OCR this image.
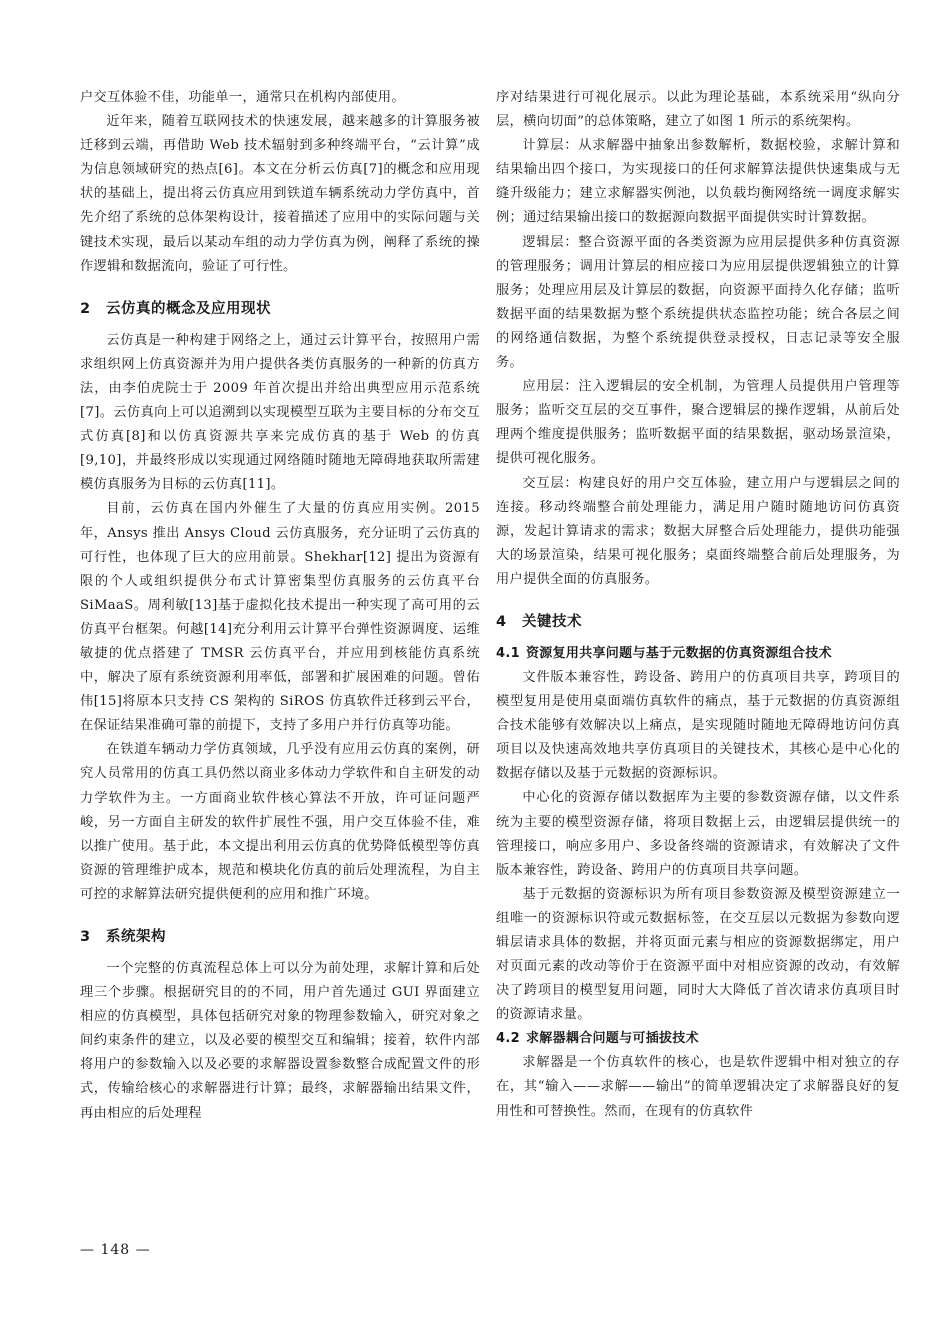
户交互体验不佳，功能单一，通常只在机构内部使用。

近年来，随着互联网技术的快速发展，越来越多的计算服务被迁移到云端，再借助 Web 技术辐射到多种终端平台，“云计算”成为信息领域研究的热点[6]。本文在分析云仿真[7]的概念和应用现状的基础上，提出将云仿真应用到铁道车辆系统动力学仿真中，首先介绍了系统的总体架构设计，接着描述了应用中的实际问题与关键技术实现，最后以某动车组的动力学仿真为例，阐释了系统的操作逻辑和数据流向，验证了可行性。

2 云仿真的概念及应用现状

云仿真是一种构建于网络之上，通过云计算平台，按照用户需求组织网上仿真资源并为用户提供各类仿真服务的一种新的仿真方法，由李伯虎院士于 2009 年首次提出并给出典型应用示范系统[7]。云仿真向上可以追溯到以实现模型互联为主要目标的分布交互式仿真[8]和以仿真资源共享来完成仿真的基于 Web 的仿真[9,10]，并最终形成以实现通过网络随时随地无障碍地获取所需建模仿真服务为目标的云仿真[11]。

目前，云仿真在国内外催生了大量的仿真应用实例。2015 年，Ansys 推出 Ansys Cloud 云仿真服务，充分证明了云仿真的可行性，也体现了巨大的应用前景。Shekhar[12] 提出为资源有限的个人或组织提供分布式计算密集型仿真服务的云仿真平台 SiMaaS。周利敏[13]基于虚拟化技术提出一种实现了高可用的云仿真平台框架。何越[14]充分利用云计算平台弹性资源调度、运维敏捷的优点搭建了 TMSR 云仿真平台，并应用到核能仿真系统中，解决了原有系统资源利用率低，部署和扩展困难的问题。曾佑伟[15]将原本只支持 CS 架构的 SiROS 仿真软件迁移到云平台，在保证结果准确可靠的前提下，支持了多用户并行仿真等功能。

在铁道车辆动力学仿真领域，几乎没有应用云仿真的案例，研究人员常用的仿真工具仍然以商业多体动力学软件和自主研发的动力学软件为主。一方面商业软件核心算法不开放，许可证问题严峻，另一方面自主研发的软件扩展性不强，用户交互体验不佳，难以推广使用。基于此，本文提出利用云仿真的优势降低模型等仿真资源的管理维护成本，规范和模块化仿真的前后处理流程，为自主可控的求解算法研究提供便利的应用和推广环境。

3 系统架构

一个完整的仿真流程总体上可以分为前处理，求解计算和后处理三个步骤。根据研究目的的不同，用户首先通过 GUI 界面建立相应的仿真模型，具体包括研究对象的物理参数输入，研究对象之间约束条件的建立，以及必要的模型交互和编辑；接着，软件内部将用户的参数输入以及必要的求解器设置参数整合成配置文件的形式，传输给核心的求解器进行计算；最终，求解器输出结果文件，再由相应的后处理程

序对结果进行可视化展示。以此为理论基础，本系统采用“纵向分层，横向切面”的总体策略，建立了如图 1 所示的系统架构。

计算层：从求解器中抽象出参数解析，数据校验，求解计算和结果输出四个接口，为实现接口的任何求解算法提供快速集成与无缝升级能力；建立求解器实例池，以负载均衡网络统一调度求解实例；通过结果输出接口的数据源向数据平面提供实时计算数据。

逻辑层：整合资源平面的各类资源为应用层提供多种仿真资源的管理服务；调用计算层的相应接口为应用层提供逻辑独立的计算服务；处理应用层及计算层的数据，向资源平面持久化存储；监听数据平面的结果数据为整个系统提供状态监控功能；统合各层之间的网络通信数据，为整个系统提供登录授权，日志记录等安全服务。

应用层：注入逻辑层的安全机制，为管理人员提供用户管理等服务；监听交互层的交互事件，聚合逻辑层的操作逻辑，从前后处理两个维度提供服务；监听数据平面的结果数据，驱动场景渲染，提供可视化服务。

交互层：构建良好的用户交互体验，建立用户与逻辑层之间的连接。移动终端整合前处理能力，满足用户随时随地访问仿真资源，发起计算请求的需求；数据大屏整合后处理能力，提供功能强大的场景渲染，结果可视化服务；桌面终端整合前后处理服务，为用户提供全面的仿真服务。

4 关键技术
4.1 资源复用共享问题与基于元数据的仿真资源组合技术

文件版本兼容性，跨设备、跨用户的仿真项目共享，跨项目的模型复用是使用桌面端仿真软件的痛点，基于元数据的仿真资源组合技术能够有效解决以上痛点，是实现随时随地无障碍地访问仿真项目以及快速高效地共享仿真项目的关键技术，其核心是中心化的数据存储以及基于元数据的资源标识。

中心化的资源存储以数据库为主要的参数资源存储，以文件系统为主要的模型资源存储，将项目数据上云，由逻辑层提供统一的管理接口，响应多用户、多设备终端的资源请求，有效解决了文件版本兼容性，跨设备、跨用户的仿真项目共享问题。

基于元数据的资源标识为所有项目参数资源及模型资源建立一组唯一的资源标识符或元数据标签，在交互层以元数据为参数向逻辑层请求具体的数据，并将页面元素与相应的资源数据绑定，用户对页面元素的改动等价于在资源平面中对相应资源的改动，有效解决了跨项目的模型复用问题，同时大大降低了首次请求仿真项目时的资源请求量。

4.2 求解器耦合问题与可插拔技术

求解器是一个仿真软件的核心，也是软件逻辑中相对独立的存在，其“输入——求解——输出”的简单逻辑决定了求解器良好的复用性和可替换性。然而，在现有的仿真软件

— 148 —
